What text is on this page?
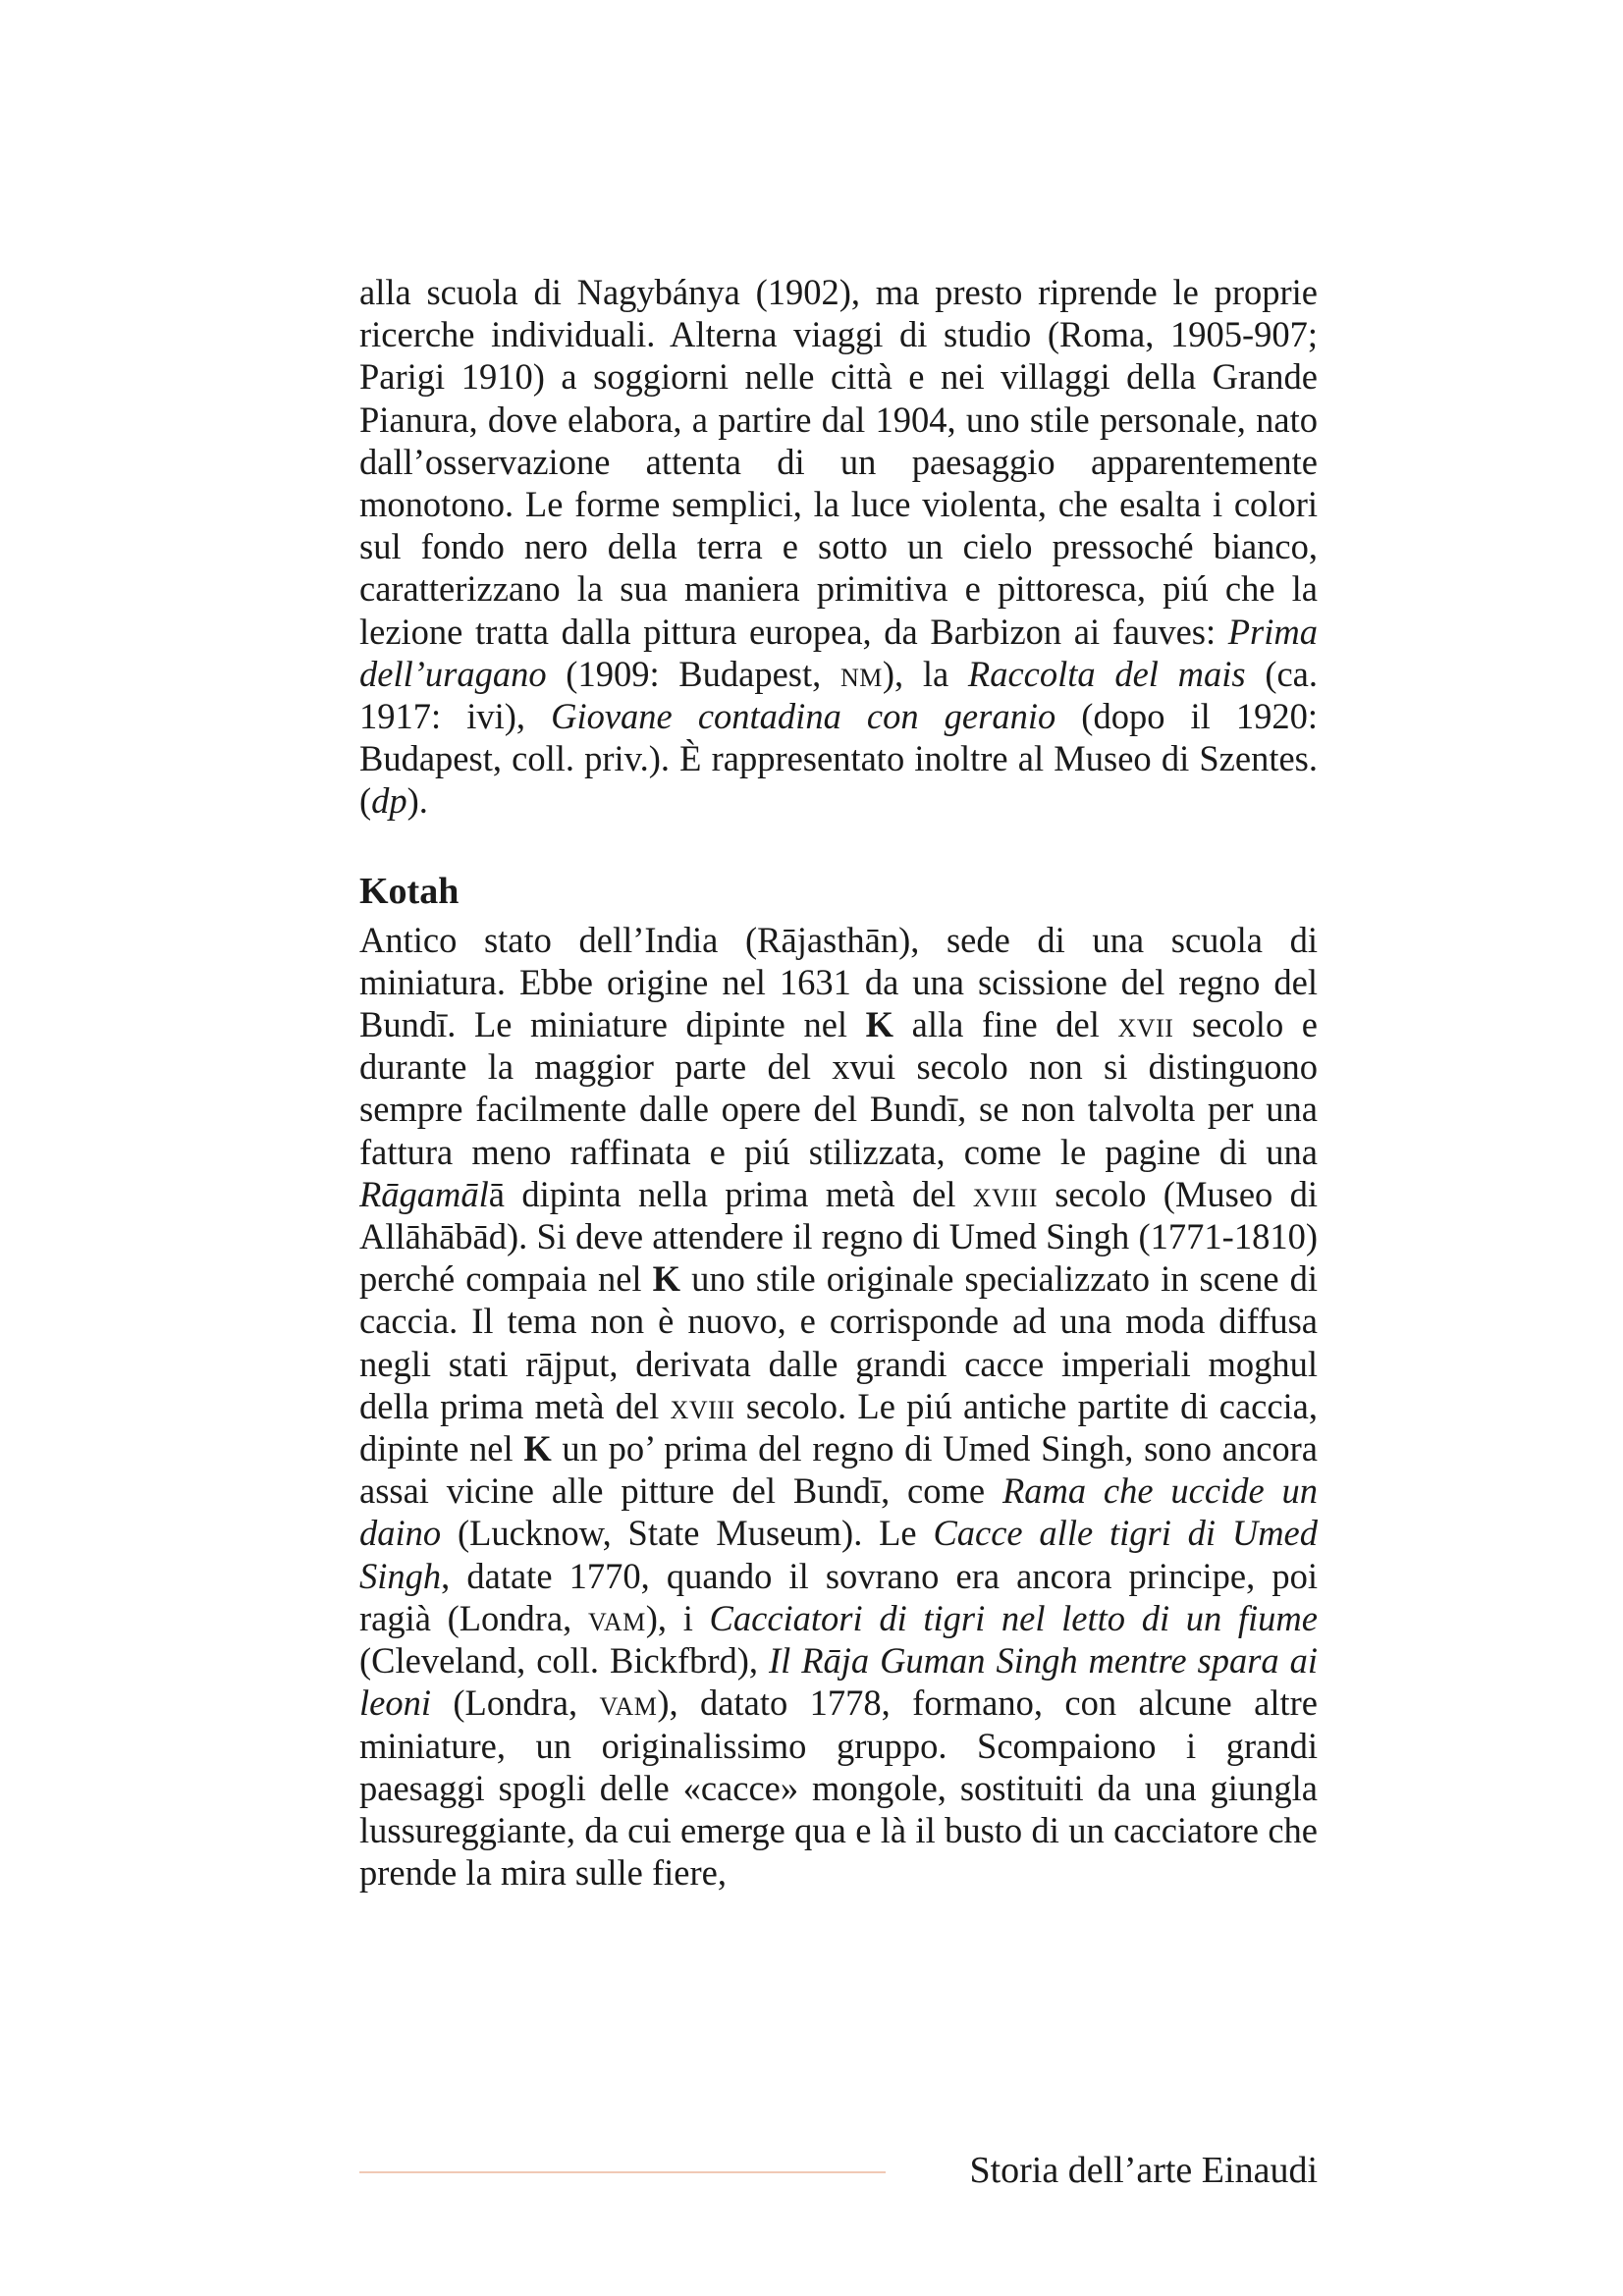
alla scuola di Nagybánya (1902), ma presto riprende le proprie ricerche individuali. Alterna viaggi di studio (Roma, 1905-907; Parigi 1910) a soggiorni nelle città e nei villaggi della Grande Pianura, dove elabora, a partire dal 1904, uno stile personale, nato dall’osservazione attenta di un paesaggio apparentemente monotono. Le forme semplici, la luce violenta, che esalta i colori sul fondo nero della terra e sotto un cielo pressoché bianco, caratterizzano la sua maniera primitiva e pittoresca, piú che la lezione tratta dalla pittura europea, da Barbizon ai fauves: Prima dell’uragano (1909: Budapest, nm), la Raccolta del mais (ca. 1917: ivi), Giovane contadina con geranio (dopo il 1920: Budapest, coll. priv.). È rappresentato inoltre al Museo di Szentes. (dp).

Kotah

Antico stato dell’India (Rājasthān), sede di una scuola di miniatura. Ebbe origine nel 1631 da una scissione del regno del Bundī. Le miniature dipinte nel K alla fine del xvii secolo e durante la maggior parte del xvui secolo non si distinguono sempre facilmente dalle opere del Bundī, se non talvolta per una fattura meno raffinata e piú stilizzata, come le pagine di una Rāgamālā dipinta nella prima metà del xviii secolo (Museo di Allāhābād). Si deve attendere il regno di Umed Singh (1771-1810) perché compaia nel K uno stile originale specializzato in scene di caccia. Il tema non è nuovo, e corrisponde ad una moda diffusa negli stati rājput, derivata dalle grandi cacce imperiali moghul della prima metà del xviii secolo. Le piú antiche partite di caccia, dipinte nel K un po’ prima del regno di Umed Singh, sono ancora assai vicine alle pitture del Bundī, come Rama che uccide un daino (Lucknow, State Museum). Le Cacce alle tigri di Umed Singh, datate 1770, quando il sovrano era ancora principe, poi ragià (Londra, vam), i Cacciatori di tigri nel letto di un fiume (Cleveland, coll. Bickfbrd), Il Rāja Guman Singh mentre spara ai leoni (Londra, vam), datato 1778, formano, con alcune altre miniature, un originalissimo gruppo. Scompaiono i grandi paesaggi spogli delle «cacce» mongole, sostituiti da una giungla lussureggiante, da cui emerge qua e là il busto di un cacciatore che prende la mira sulle fiere,

Storia dell’arte Einaudi
